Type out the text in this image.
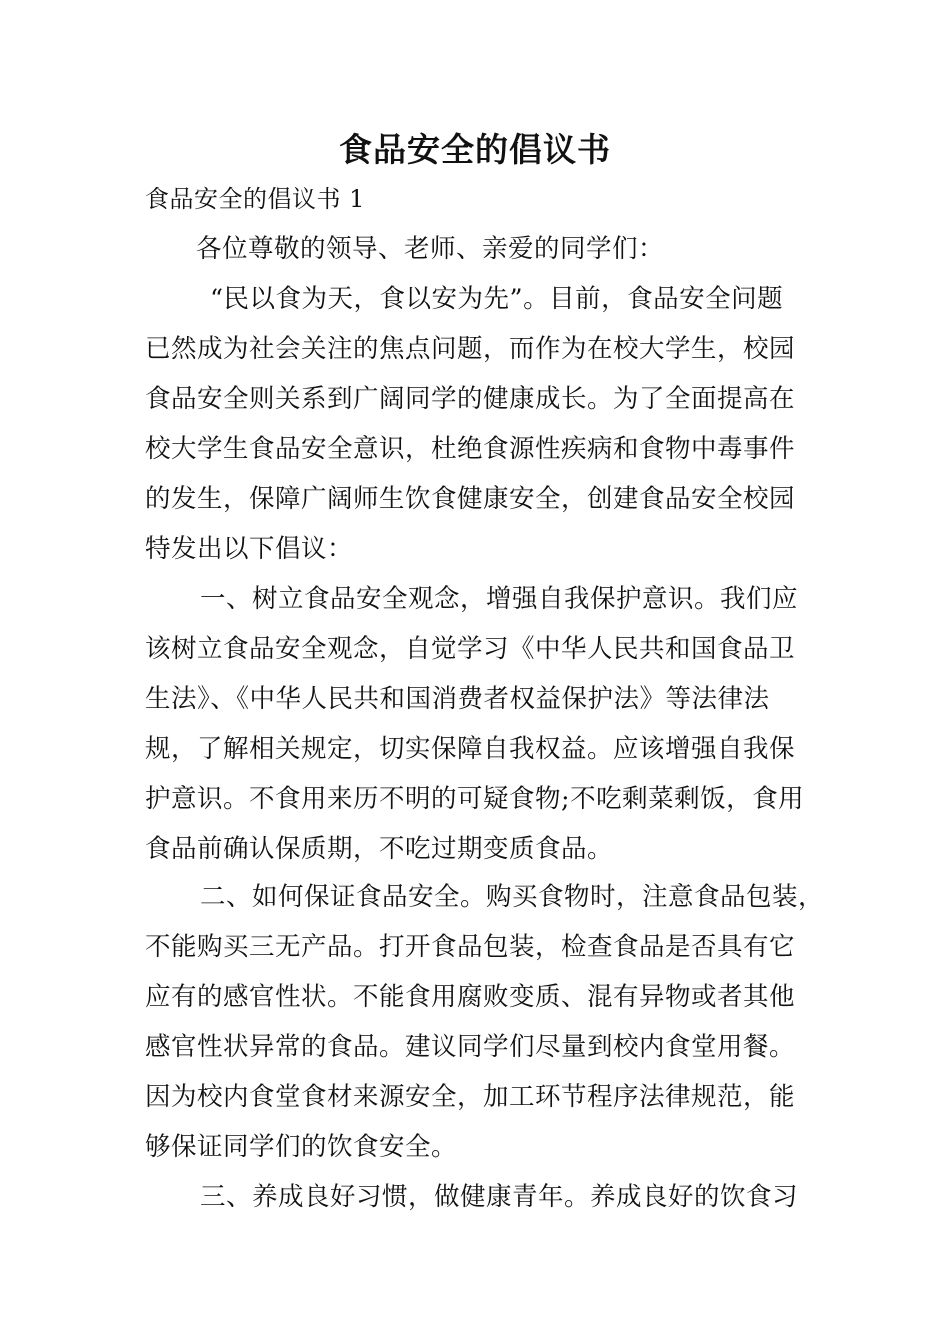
食品安全的倡议书
食品安全的倡议书 1
各位尊敬的领导、老师、亲爱的同学们：
“民以食为天，食以安为先”。目前，食品安全问题
已然成为社会关注的焦点问题，而作为在校大学生，校园
食品安全则关系到广阔同学的健康成长。为了全面提高在
校大学生食品安全意识，杜绝食源性疾病和食物中毒事件
的发生，保障广阔师生饮食健康安全，创建食品安全校园
特发出以下倡议：
一、树立食品安全观念，增强自我保护意识。我们应
该树立食品安全观念，自觉学习《中华人民共和国食品卫
生法》、《中华人民共和国消费者权益保护法》等法律法
规，了解相关规定，切实保障自我权益。应该增强自我保
护意识。不食用来历不明的可疑食物;不吃剩菜剩饭，食用
食品前确认保质期，不吃过期变质食品。
二、如何保证食品安全。购买食物时，注意食品包装，
不能购买三无产品。打开食品包装，检查食品是否具有它
应有的感官性状。不能食用腐败变质、混有异物或者其他
感官性状异常的食品。建议同学们尽量到校内食堂用餐。
因为校内食堂食材来源安全，加工环节程序法律规范，能
够保证同学们的饮食安全。
三、养成良好习惯，做健康青年。养成良好的饮食习
